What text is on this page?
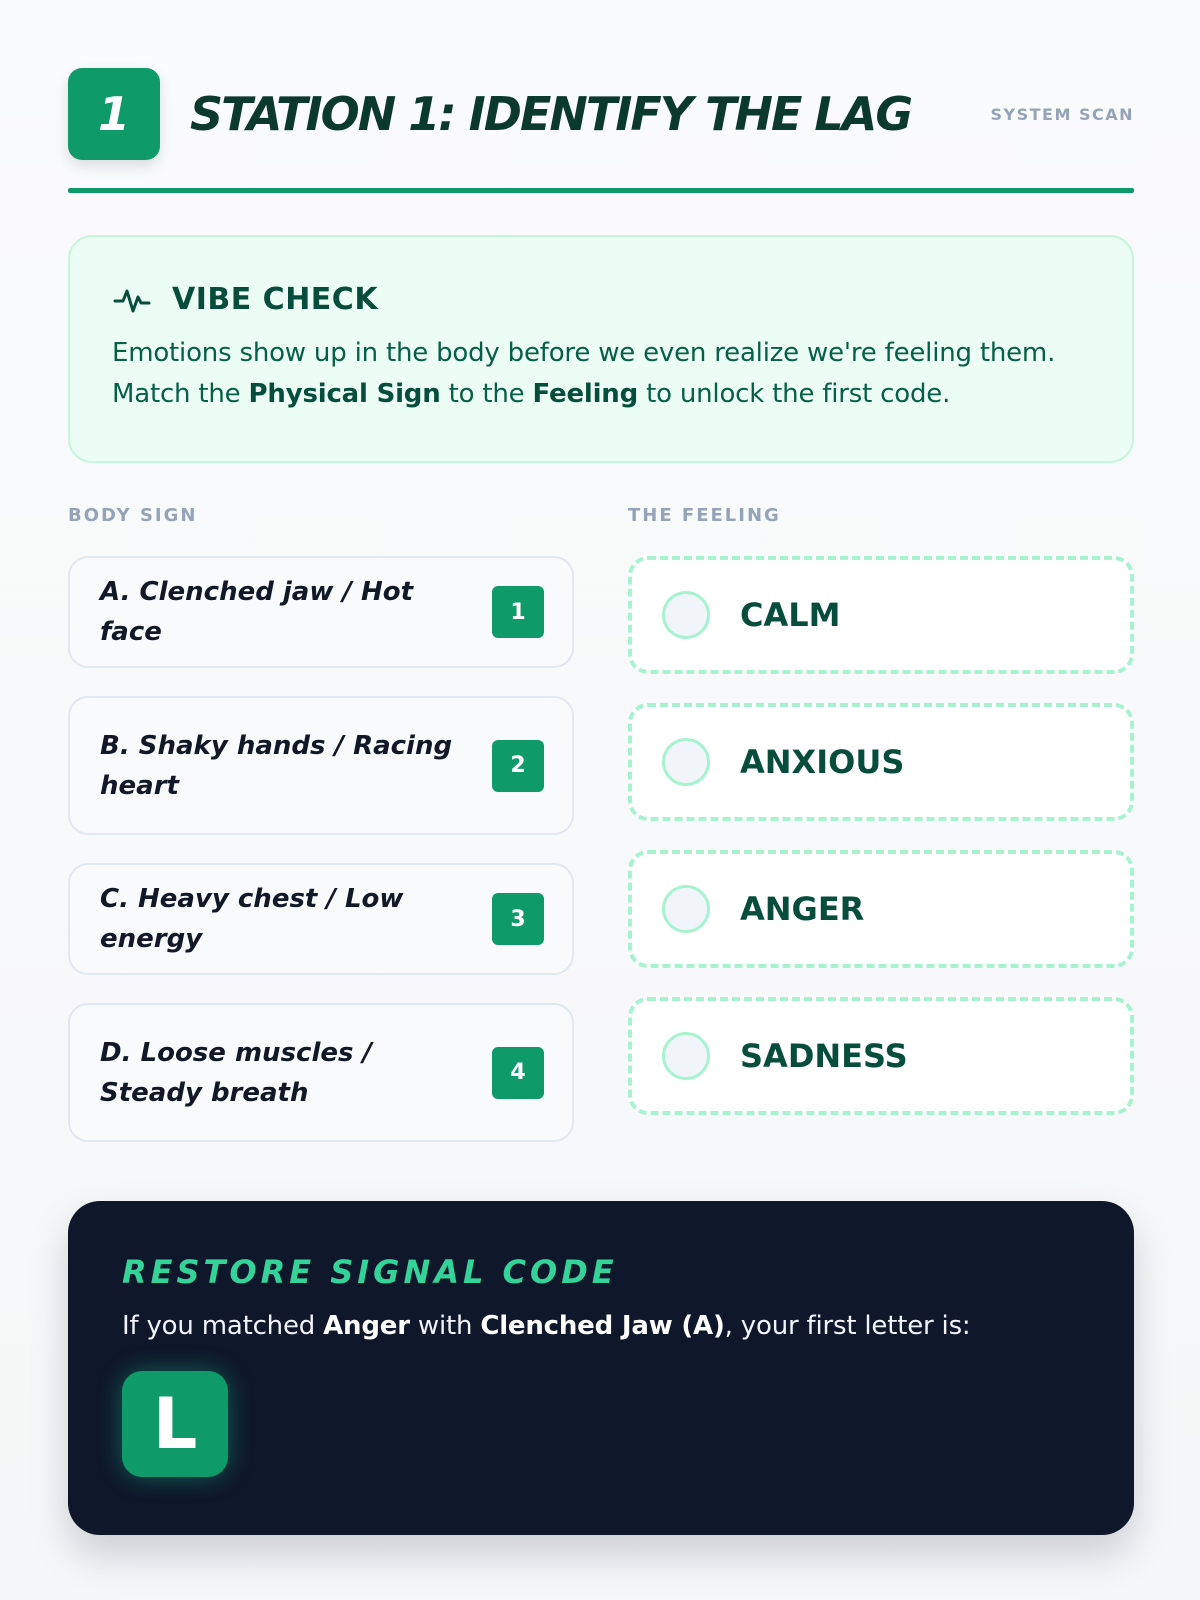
1	STATION 1: IDENTIFY THE LAG	SYSTEM SCAN
VIBE CHECK
Emotions show up in the body before we even realize we're feeling them. Match the Physical Sign to the Feeling to unlock the first code.
BODY SIGN
A. Clenched jaw / Hot face
1
B. Shaky hands / Racing heart
2
C. Heavy chest / Low energy
3
D. Loose muscles / Steady breath
4
THE FEELING
CALM
ANXIOUS
ANGER
SADNESS
RESTORE SIGNAL CODE
If you matched Anger with Clenched Jaw (A), your first letter is:
L
